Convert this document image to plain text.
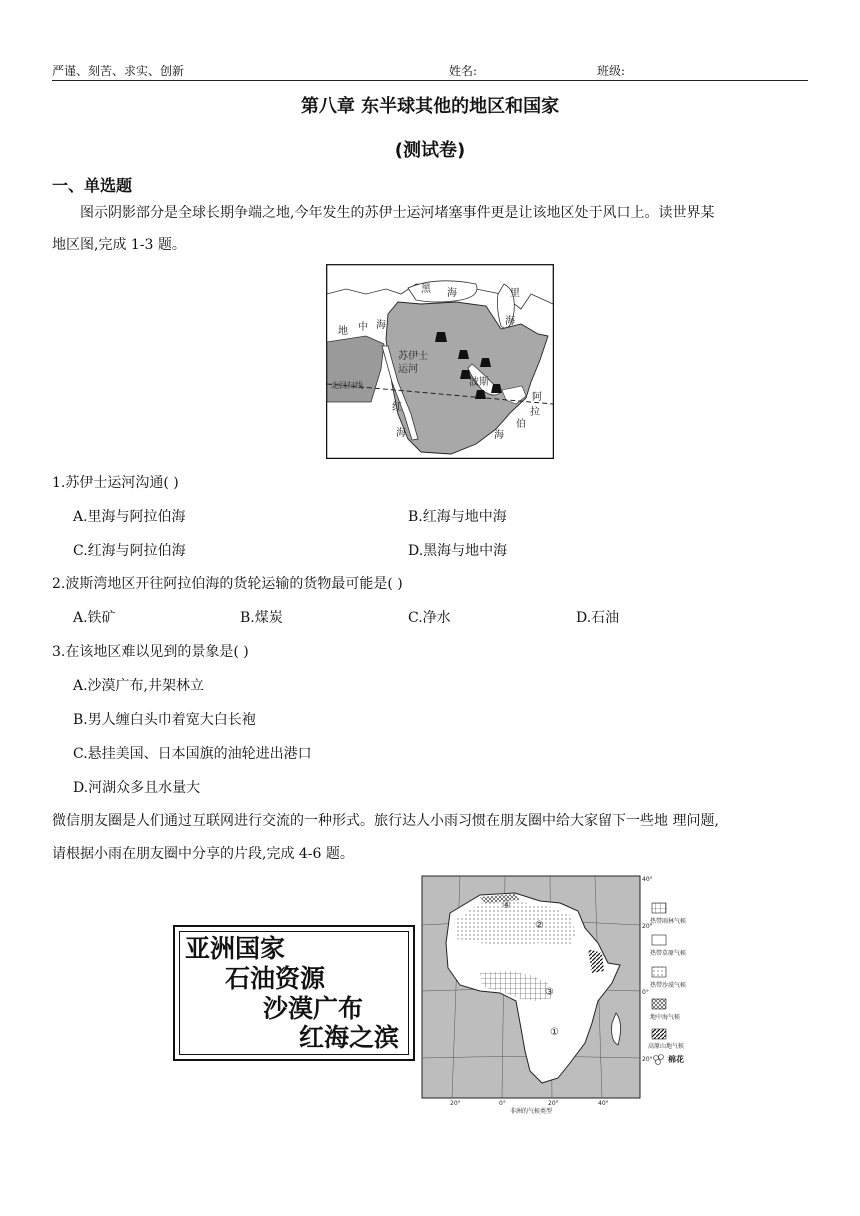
严谨、刻苦、求实、创新	姓名:	班级:
第八章 东半球其他的地区和国家
(测试卷)
一、单选题
图示阴影部分是全球长期争端之地,今年发生的苏伊士运河堵塞事件更是让该地区处于风口上。读世界某
地区图,完成 1-3 题。
黑 海	里
海
地 中 海
苏伊士
运河
北回归线
红
海
波斯
阿
拉
伯
海
1.苏伊士运河沟通( )
A.里海与阿拉伯海	B.红海与地中海
C.红海与阿拉伯海	D.黑海与地中海
2.波斯湾地区开往阿拉伯海的货轮运输的货物最可能是( )
A.铁矿	B.煤炭	C.净水	D.石油
3.在该地区难以见到的景象是( )
A.沙漠广布,井架林立
B.男人缠白头巾着宽大白长袍
C.悬挂美国、日本国旗的油轮进出港口
D.河湖众多且水量大
微信朋友圈是人们通过互联网进行交流的一种形式。旅行达人小雨习惯在朋友圈中给大家留下一些地 理问题,
请根据小雨在朋友圈中分享的片段,完成 4-6 题。
亚洲国家
石油资源
沙漠广布
红海之滨
④
②
③
①
40°
20°
0°
20°
20°	0°	20°	40°
非洲的气候类型
热带雨林气候
热带草原气候
热带沙漠气候
地中海气候
高原山地气候
棉花
